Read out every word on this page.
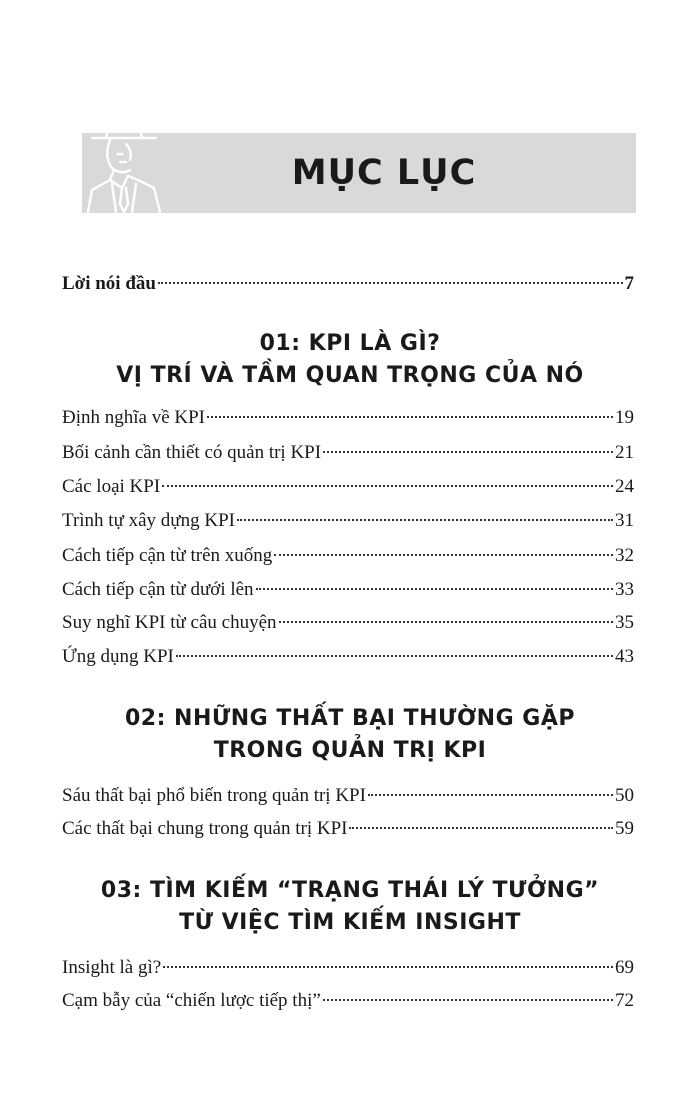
MỤC LỤC
Lời nói đầu	7
01: KPI LÀ GÌ?
VỊ TRÍ VÀ TẦM QUAN TRỌNG CỦA NÓ
Định nghĩa về KPI	19
Bối cảnh cần thiết có quản trị KPI	21
Các loại KPI	24
Trình tự xây dựng KPI	31
Cách tiếp cận từ trên xuống	32
Cách tiếp cận từ dưới lên	33
Suy nghĩ KPI từ câu chuyện	35
Ứng dụng KPI	43
02: NHỮNG THẤT BẠI THƯỜNG GẶP
TRONG QUẢN TRỊ KPI
Sáu thất bại phổ biến trong quản trị KPI	50
Các thất bại chung trong quản trị KPI	59
03: TÌM KIẾM “TRẠNG THÁI LÝ TƯỞNG”
TỪ VIỆC TÌM KIẾM INSIGHT
Insight là gì?	69
Cạm bẫy của “chiến lược tiếp thị”	72
